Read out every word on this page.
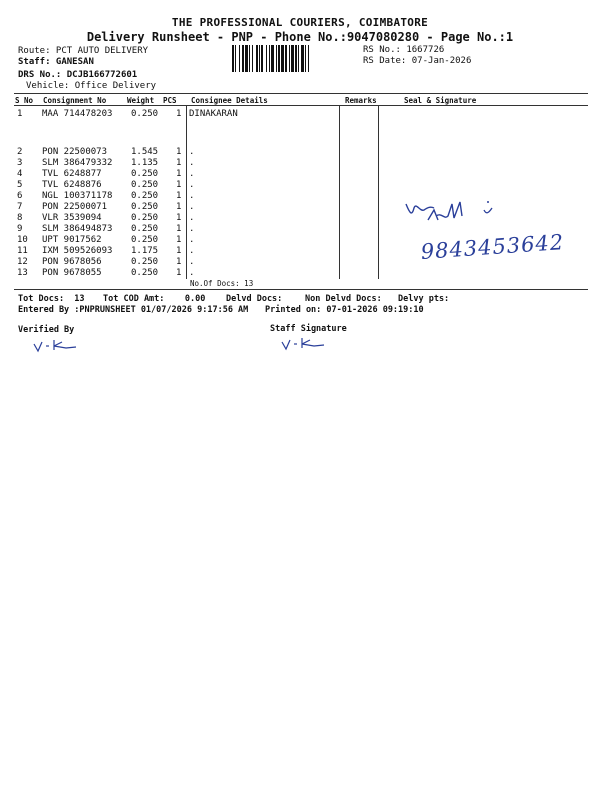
THE PROFESSIONAL COURIERS, COIMBATORE
Delivery Runsheet - PNP - Phone No.:9047080280 - Page No.:1
Route: PCT AUTO DELIVERY
Staff: GANESAN
DRS No.: DCJB166772601
Vehicle: Office Delivery
RS No.: 1667726
RS Date: 07-Jan-2026
S No Consignment No	Weight PCS Consignee Details	Remarks	Seal & Signature
1 MAA 714478203 0.250 1 DINAKARAN
2 PON 22500073	1.545 1 .
3 SLM 386479332 1.135 1 .
4 TVL 6248877	0.250 1 .
5 TVL 6248876	0.250 1 .
6 NGL 100371178 0.250 1 .
7 PON 22500071	0.250 1 .
8 VLR 3539094	0.250 1 .
9 SLM 386494873 0.250 1 .
10 UPT 9017562	0.250 1 .
11 IXM 509526093 1.175 1 .
12 PON 9678056	0.250 1 .
13 PON 9678055	0.250 1 .
No.Of Docs: 13
9843453642
Tot Docs:  13 Tot COD Amt:    0.00 Delvd Docs:	Non Delvd Docs: Delvy pts:
Entered By :PNPRUNSHEET 01/07/2026 9:17:56 AM Printed on: 07-01-2026 09:19:10
Verified By	Staff Signature
